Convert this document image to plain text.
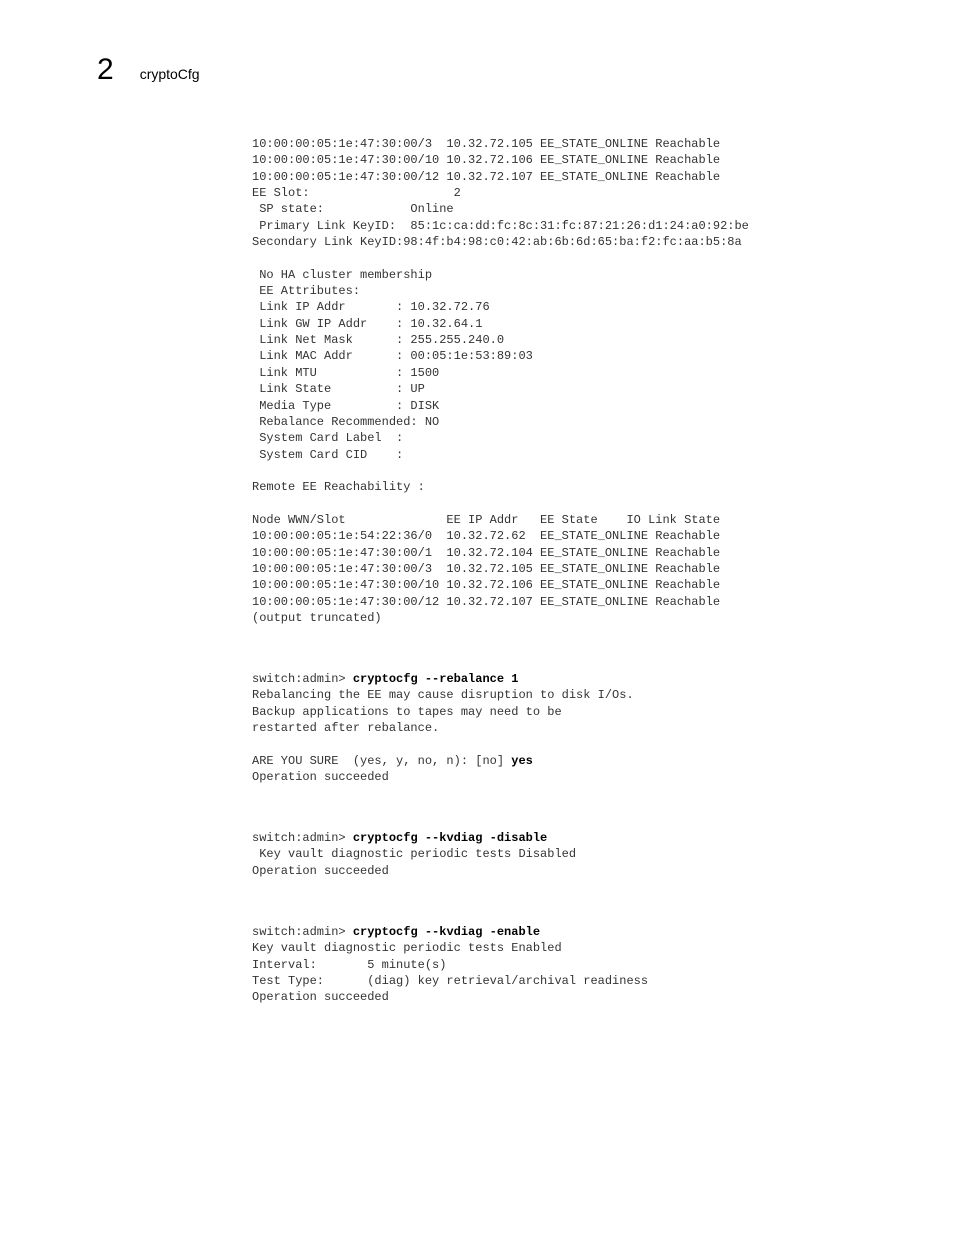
2 cryptoCfg
10:00:00:05:1e:47:30:00/3  10.32.72.105 EE_STATE_ONLINE Reachable
10:00:00:05:1e:47:30:00/10 10.32.72.106 EE_STATE_ONLINE Reachable
10:00:00:05:1e:47:30:00/12 10.32.72.107 EE_STATE_ONLINE Reachable
EE Slot:                    2
SP state:            Online
Primary Link KeyID:  85:1c:ca:dd:fc:8c:31:fc:87:21:26:d1:24:a0:92:be
Secondary Link KeyID:98:4f:b4:98:c0:42:ab:6b:6d:65:ba:f2:fc:aa:b5:8a
No HA cluster membership
EE Attributes:
Link IP Addr       : 10.32.72.76
Link GW IP Addr    : 10.32.64.1
Link Net Mask      : 255.255.240.0
Link MAC Addr      : 00:05:1e:53:89:03
Link MTU           : 1500
Link State         : UP
Media Type         : DISK
Rebalance Recommended: NO
System Card Label  :
System Card CID    :
Remote EE Reachability :
Node WWN/Slot              EE IP Addr   EE State    IO Link State
10:00:00:05:1e:54:22:36/0  10.32.72.62  EE_STATE_ONLINE Reachable
10:00:00:05:1e:47:30:00/1  10.32.72.104 EE_STATE_ONLINE Reachable
10:00:00:05:1e:47:30:00/3  10.32.72.105 EE_STATE_ONLINE Reachable
10:00:00:05:1e:47:30:00/10 10.32.72.106 EE_STATE_ONLINE Reachable
10:00:00:05:1e:47:30:00/12 10.32.72.107 EE_STATE_ONLINE Reachable
(output truncated)
switch:admin> cryptocfg --rebalance 1
Rebalancing the EE may cause disruption to disk I/Os.
Backup applications to tapes may need to be
restarted after rebalance.
ARE YOU SURE  (yes, y, no, n): [no] yes
Operation succeeded
switch:admin> cryptocfg --kvdiag -disable
Key vault diagnostic periodic tests Disabled
Operation succeeded
switch:admin> cryptocfg --kvdiag -enable
Key vault diagnostic periodic tests Enabled
Interval:       5 minute(s)
Test Type:      (diag) key retrieval/archival readiness
Operation succeeded
